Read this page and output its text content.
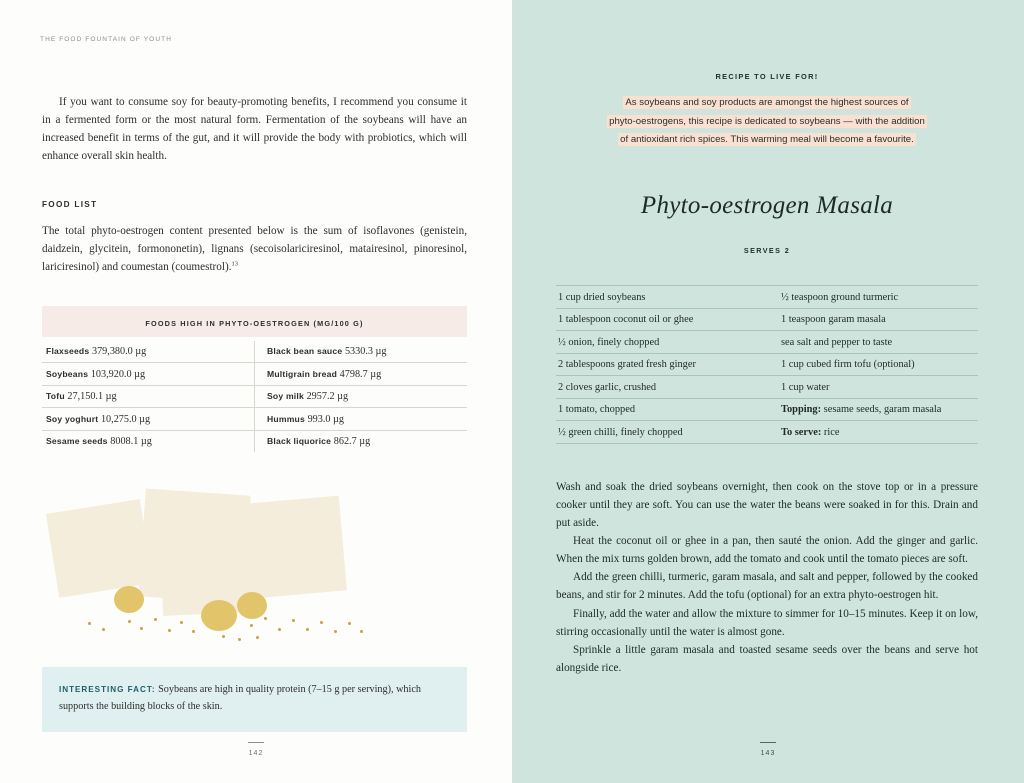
THE FOOD FOUNTAIN OF YOUTH

If you want to consume soy for beauty-promoting benefits, I recommend you consume it in a fermented form or the most natural form. Fermentation of the soybeans will have an increased benefit in terms of the gut, and it will provide the body with probiotics, which will enhance overall skin health.

FOOD LIST

The total phyto-oestrogen content presented below is the sum of isoflavones (genistein, daidzein, glycitein, formononetin), lignans (secoisolariciresinol, matairesinol, pinoresinol, lariciresinol) and coumestan (coumestrol).$^{13}$

FOODS HIGH IN PHYTO-OESTROGEN (MG/100 G)
Flaxseeds 379,380.0 µg	Black bean sauce 5330.3 µg
Soybeans 103,920.0 µg	Multigrain bread 4798.7 µg
Tofu 27,150.1 µg	Soy milk 2957.2 µg
Soy yoghurt 10,275.0 µg	Hummus 993.0 µg
Sesame seeds 8008.1 µg	Black liquorice 862.7 µg

INTERESTING FACT: Soybeans are high in quality protein (7–15 g per serving), which supports the building blocks of the skin.

142
RECIPE TO LIVE FOR!
As soybeans and soy products are amongst the highest sources of
phyto-oestrogens, this recipe is dedicated to soybeans — with the addition
of antioxidant rich spices. This warming meal will become a favourite.
Phyto-oestrogen Masala
SERVES 2
1 cup dried soybeans	½ teaspoon ground turmeric
1 tablespoon coconut oil or ghee	1 teaspoon garam masala
½ onion, finely chopped	sea salt and pepper to taste
2 tablespoons grated fresh ginger	1 cup cubed firm tofu (optional)
2 cloves garlic, crushed	1 cup water
1 tomato, chopped	Topping: sesame seeds, garam masala
½ green chilli, finely chopped	To serve: rice

Wash and soak the dried soybeans overnight, then cook on the stove top or in a pressure cooker until they are soft. You can use the water the beans were soaked in for this. Drain and put aside.

Heat the coconut oil or ghee in a pan, then sauté the onion. Add the ginger and garlic. When the mix turns golden brown, add the tomato and cook until the tomato pieces are soft.

Add the green chilli, turmeric, garam masala, and salt and pepper, followed by the cooked beans, and stir for 2 minutes. Add the tofu (optional) for an extra phyto-oestrogen hit.

Finally, add the water and allow the mixture to simmer for 10–15 minutes. Keep it on low, stirring occasionally until the water is almost gone.

Sprinkle a little garam masala and toasted sesame seeds over the beans and serve hot alongside rice.

143
